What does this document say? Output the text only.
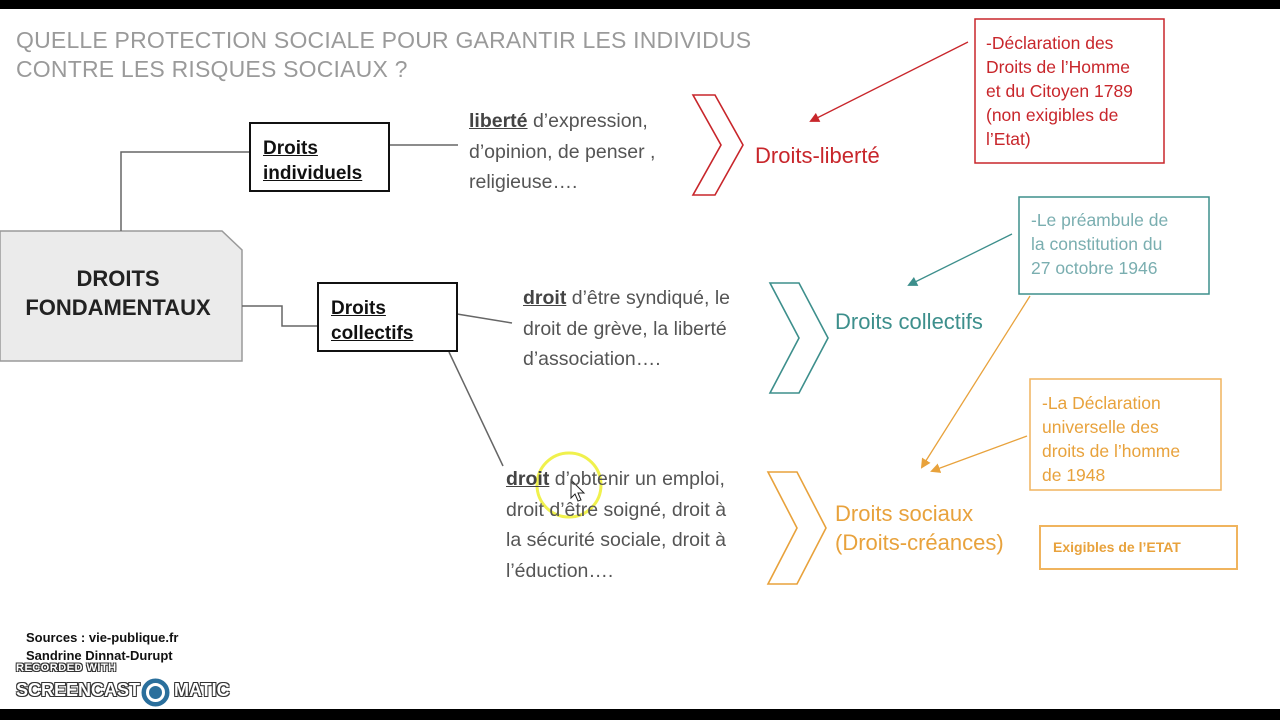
QUELLE PROTECTION SOCIALE POUR GARANTIR LES INDIVIDUS
CONTRE LES RISQUES SOCIAUX ?
DROITS
FONDAMENTAUX
Droits
individuels
Droits
collectifs
liberté d’expression,
d’opinion, de penser ,
religieuse….
droit d’être syndiqué, le
droit de grève, la liberté
d’association….
droit d’obtenir un emploi,
droit d’être soigné, droit à
la sécurité sociale, droit à
l’éduction….
Droits-liberté
Droits collectifs
Droits sociaux
(Droits-créances)
-Déclaration des
Droits de l’Homme
et du Citoyen 1789
(non exigibles de
l’Etat)
-Le préambule de
la constitution du
27 octobre 1946
-La Déclaration
universelle des
droits de l’homme
de 1948
Exigibles de l’ETAT
Sources : vie-publique.fr
Sandrine Dinnat-Durupt
RECORDED WITH
SCREENCAST MATIC
